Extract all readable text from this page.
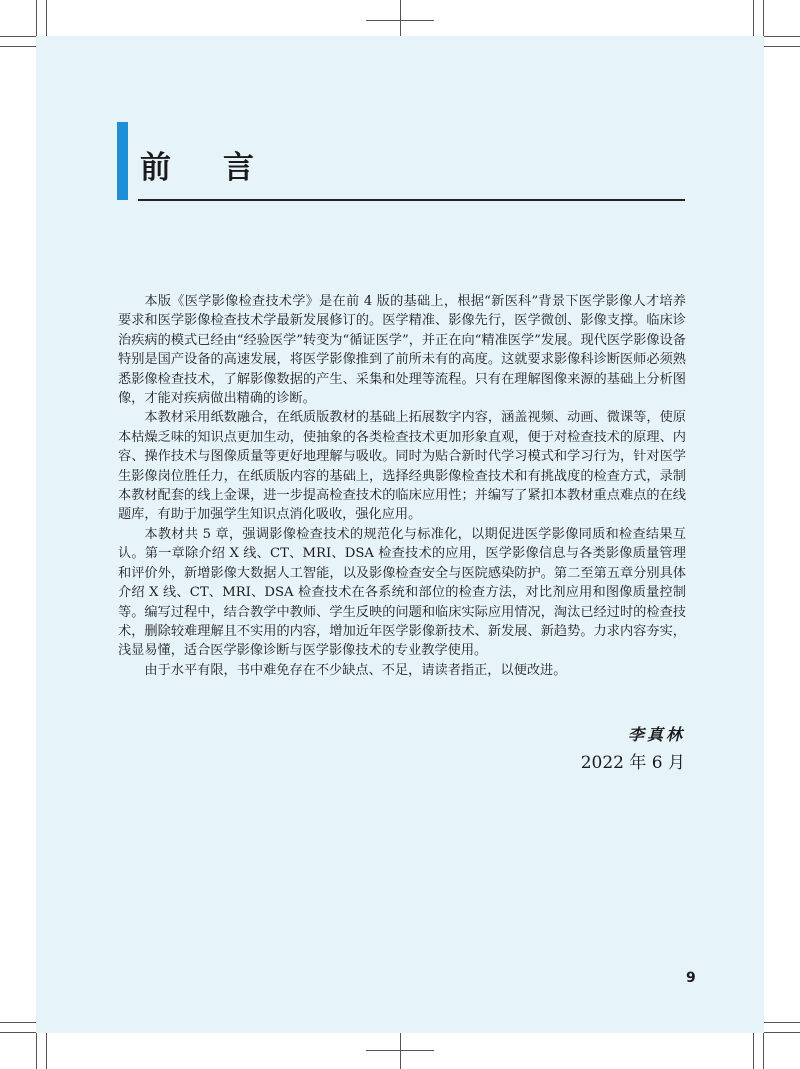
前言

本版《医学影像检查技术学》是在前 4 版的基础上，根据“新医科”背景下医学影像人才培养要求和医学影像检查技术学最新发展修订的。医学精准、影像先行，医学微创、影像支撑。临床诊治疾病的模式已经由“经验医学”转变为“循证医学”，并正在向“精准医学”发展。现代医学影像设备特别是国产设备的高速发展，将医学影像推到了前所未有的高度。这就要求影像科诊断医师必须熟悉影像检查技术，了解影像数据的产生、采集和处理等流程。只有在理解图像来源的基础上分析图像，才能对疾病做出精确的诊断。

本教材采用纸数融合，在纸质版教材的基础上拓展数字内容，涵盖视频、动画、微课等，使原本枯燥乏味的知识点更加生动，使抽象的各类检查技术更加形象直观，便于对检查技术的原理、内容、操作技术与图像质量等更好地理解与吸收。同时为贴合新时代学习模式和学习行为，针对医学生影像岗位胜任力，在纸质版内容的基础上，选择经典影像检查技术和有挑战度的检查方式，录制本教材配套的线上金课，进一步提高检查技术的临床应用性；并编写了紧扣本教材重点难点的在线题库，有助于加强学生知识点消化吸收，强化应用。

本教材共 5 章，强调影像检查技术的规范化与标准化，以期促进医学影像同质和检查结果互认。第一章除介绍 X 线、CT、MRI、DSA 检查技术的应用，医学影像信息与各类影像质量管理和评价外，新增影像大数据人工智能，以及影像检查安全与医院感染防护。第二至第五章分别具体介绍 X 线、CT、MRI、DSA 检查技术在各系统和部位的检查方法，对比剂应用和图像质量控制等。编写过程中，结合教学中教师、学生反映的问题和临床实际应用情况，淘汰已经过时的检查技术，删除较难理解且不实用的内容，增加近年医学影像新技术、新发展、新趋势。力求内容夯实，浅显易懂，适合医学影像诊断与医学影像技术的专业教学使用。

由于水平有限，书中难免存在不少缺点、不足，请读者指正，以便改进。

李真林
2022 年 6 月
9
